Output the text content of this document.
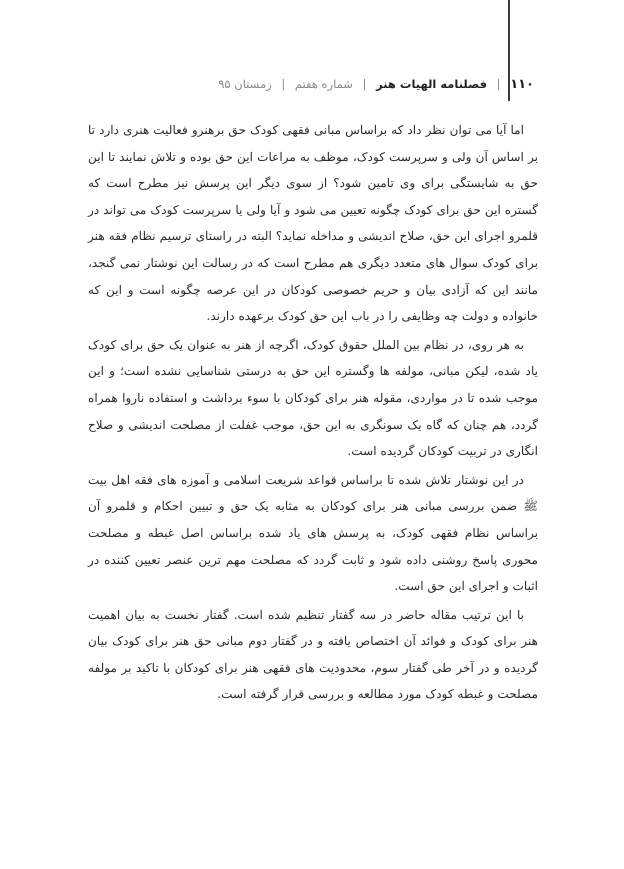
۱۱۰ | فصلنامه الهیات هنر | شماره هفتم | زمستان ۹۵

اما آیا می توان نظر داد که براساس مبانی فقهی کودک حق برهنرو فعالیت هنری دارد تا بر اساس آن ولی و سرپرست کودک، موظف به مراعات این حق بوده و تلاش نمایند تا این حق به شایستگی برای وی تامین شود؟ از سوی دیگر این پرسش نیز مطرح است که گستره این حق برای کودک چگونه تعیین می شود و آیا ولی یا سرپرست کودک می تواند در قلمرو اجرای این حق، صلاح اندیشی و مداخله نماید؟ البته در راستای ترسیم نظام فقه هنر برای کودک سوال های متعدد دیگری هم مطرح است که در رسالت این نوشتار نمی گنجد، مانند این که آزادی بیان و حریم خصوصی کودکان در این عرصه چگونه است و این که خانواده و دولت چه وظایفی را در باب این حق کودک برعهده دارند.

به هر روی، در نظام بین الملل حقوق کودک، اگرچه از هنر به عنوان یک حق برای کودک یاد شده، لیکن مبانی، مولفه ها وگستره این حق به درستی شناسایی نشده است؛ و این موجب شده تا در مواردی، مقوله هنر برای کودکان با سوء برداشت و استفاده ناروا همراه گردد، هم چنان که گاه یک سونگری به این حق، موجب غفلت از مصلحت اندیشی و صلاح انگاری در تربیت کودکان گردیده است.

در این نوشتار تلاش شده تا براساس قواعد شریعت اسلامی و آموزه های فقه اهل بیت ﷺ ضمن بررسی مبانی هنر برای کودکان به مثابه یک حق و تبیین احکام و قلمرو آن براساس نظام فقهی کودک، به پرسش های یاد شده براساس اصل غبطه و مصلحت محوری پاسخ روشنی داده شود و ثابت گردد که مصلحت مهم ترین عنصر تعیین کننده در اثبات و اجرای این حق است.

با این ترتیب مقاله حاضر در سه گفتار تنظیم شده است. گفتار نخست به بیان اهمیت هنر برای کودک و فوائد آن اختصاص یافته و در گفتار دوم مبانی حق هنر برای کودک بیان گردیده و در آخر طی گفتار سوم، محدودیت های فقهی هنر برای کودکان با تاکید بر مولفه مصلحت و غبطه کودک مورد مطالعه و بررسی قرار گرفته است.
